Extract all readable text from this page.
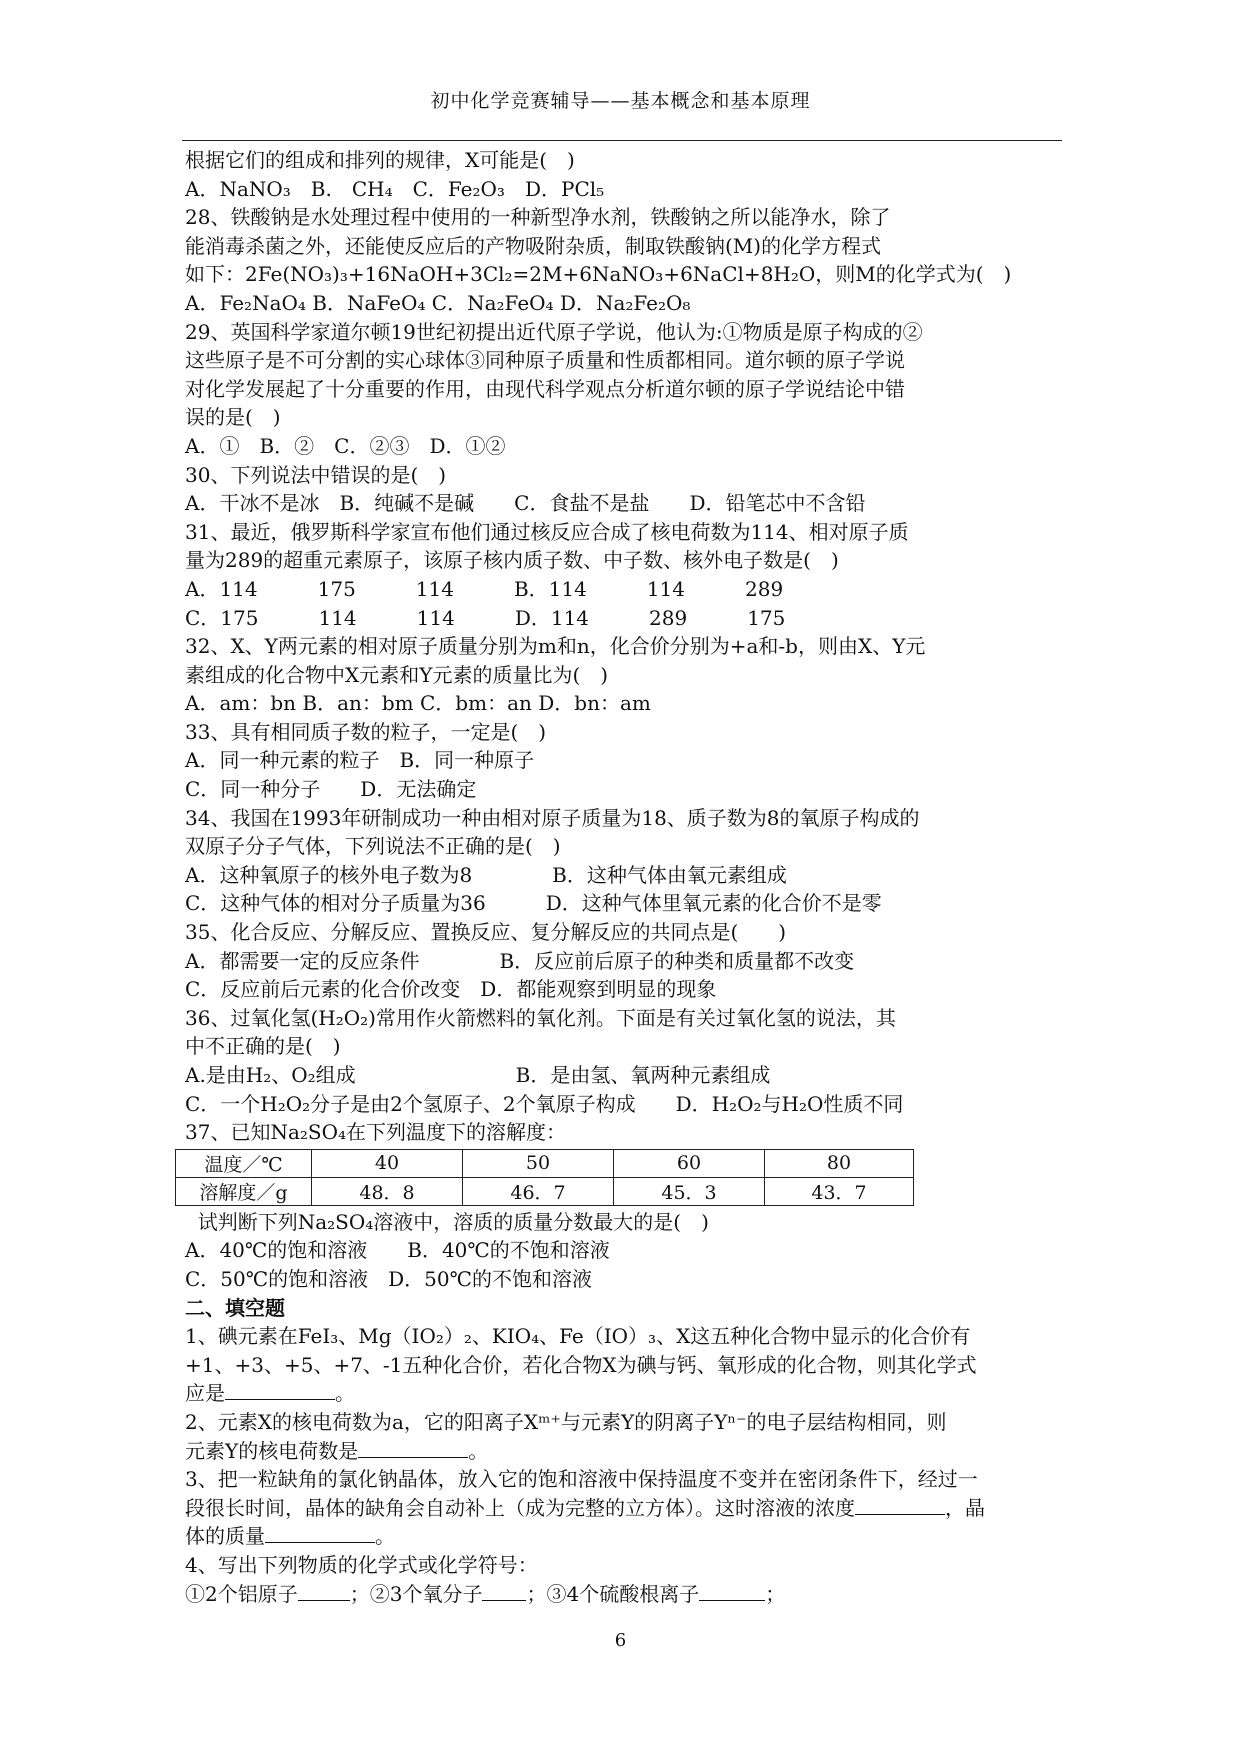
初中化学竞赛辅导——基本概念和基本原理
根据它们的组成和排列的规律，X可能是(　)
A．NaNO₃　B.　CH₄　C．Fe₂O₃　D．PCl₅
28、铁酸钠是水处理过程中使用的一种新型净水剂，铁酸钠之所以能净水，除了
能消毒杀菌之外，还能使反应后的产物吸附杂质，制取铁酸钠(M)的化学方程式
如下：2Fe(NO₃)₃+16NaOH+3Cl₂=2M+6NaNO₃+6NaCl+8H₂O，则M的化学式为(　)
A．Fe₂NaO₄ B．NaFeO₄ C．Na₂FeO₄ D．Na₂Fe₂O₈
29、英国科学家道尔顿19世纪初提出近代原子学说，他认为:①物质是原子构成的②
这些原子是不可分割的实心球体③同种原子质量和性质都相同。道尔顿的原子学说
对化学发展起了十分重要的作用，由现代科学观点分析道尔顿的原子学说结论中错
误的是(　)
A．①　B．②　C．②③　D．①②
30、下列说法中错误的是(　)
A．干冰不是冰　B．纯碱不是碱　　C．食盐不是盐　　D．铅笔芯中不含铅
31、最近，俄罗斯科学家宣布他们通过核反应合成了核电荷数为114、相对原子质
量为289的超重元素原子，该原子核内质子数、中子数、核外电子数是(　)
A．114　　　175　　　114　　　B．114　　　114　　　289
C．175　　　114　　　114　　　D．114　　　289　　　175
32、X、Y两元素的相对原子质量分别为m和n，化合价分别为+a和-b，则由X、Y元
素组成的化合物中X元素和Y元素的质量比为(　)
A．am：bn B．an：bm C．bm：an D．bn：am
33、具有相同质子数的粒子，一定是(　)
A．同一种元素的粒子　B．同一种原子
C．同一种分子　　D．无法确定
34、我国在1993年研制成功一种由相对原子质量为18、质子数为8的氧原子构成的
双原子分子气体，下列说法不正确的是(　)
A．这种氧原子的核外电子数为8　　　　B．这种气体由氧元素组成
C．这种气体的相对分子质量为36　　　D．这种气体里氧元素的化合价不是零
35、化合反应、分解反应、置换反应、复分解反应的共同点是(　　)
A．都需要一定的反应条件　　　　B．反应前后原子的种类和质量都不改变
C．反应前后元素的化合价改变　D．都能观察到明显的现象
36、过氧化氢(H₂O₂)常用作火箭燃料的氧化剂。下面是有关过氧化氢的说法，其
中不正确的是(　)
A.是由H₂、O₂组成　　　　　　　　B．是由氢、氧两种元素组成
C．一个H₂O₂分子是由2个氢原子、2个氧原子构成　　D．H₂O₂与H₂O性质不同
37、已知Na₂SO₄在下列温度下的溶解度：
温度／℃	40	50	60	80
溶解度／g	48．8	46．7	45．3	43．7
试判断下列Na₂SO₄溶液中，溶质的质量分数最大的是(　)
A．40℃的饱和溶液　　B．40℃的不饱和溶液
C．50℃的饱和溶液　D．50℃的不饱和溶液
二、填空题
1、碘元素在FeI₃、Mg（IO₂）₂、KIO₄、Fe（IO）₃、X这五种化合物中显示的化合价有
+1、+3、+5、+7、-1五种化合价，若化合物X为碘与钙、氧形成的化合物，则其化学式
应是	。
2、元素X的核电荷数为a，它的阳离子Xᵐ⁺与元素Y的阴离子Yⁿ⁻的电子层结构相同，则
元素Y的核电荷数是	。
3、把一粒缺角的氯化钠晶体，放入它的饱和溶液中保持温度不变并在密闭条件下，经过一
段很长时间，晶体的缺角会自动补上（成为完整的立方体）。这时溶液的浓度	，晶
体的质量	。
4、写出下列物质的化学式或化学符号：
①2个铝原子	；②3个氧分子 ；③4个硫酸根离子	；
6
